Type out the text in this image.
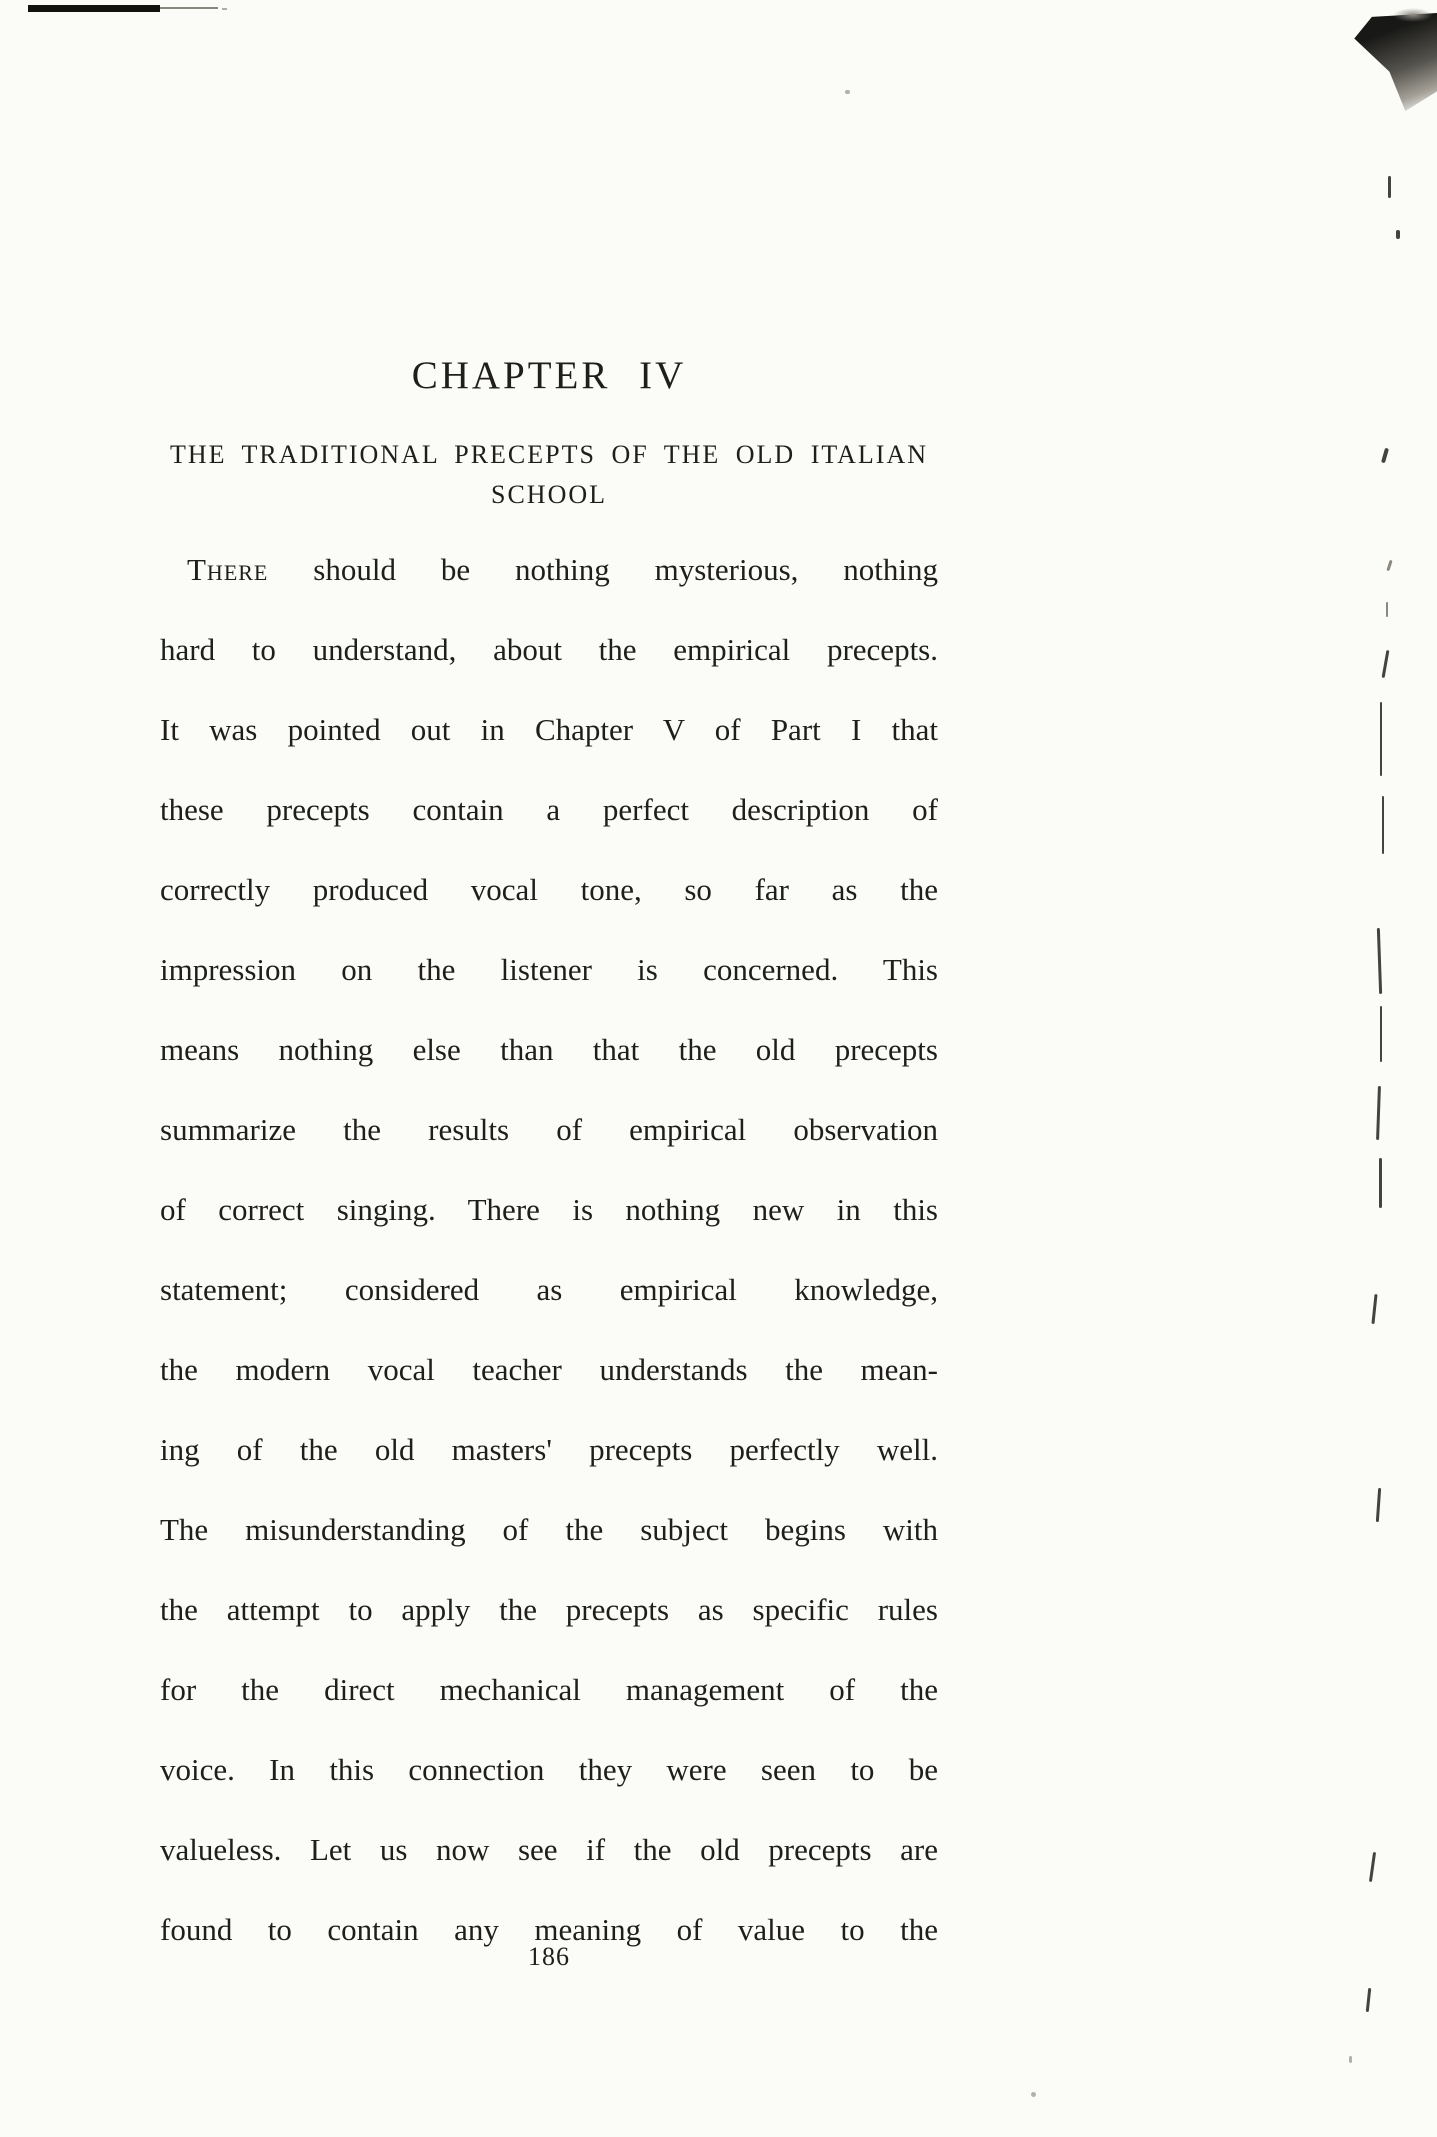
CHAPTER IV
THE TRADITIONAL PRECEPTS OF THE OLD ITALIAN
SCHOOL
There should be nothing mysterious, nothing
hard to understand, about the empirical precepts.
It was pointed out in Chapter V of Part I that
these precepts contain a perfect description of
correctly produced vocal tone, so far as the
impression on the listener is concerned. This
means nothing else than that the old precepts
summarize the results of empirical observation
of correct singing. There is nothing new in this
statement; considered as empirical knowledge,
the modern vocal teacher understands the mean-
ing of the old masters' precepts perfectly well.
The misunderstanding of the subject begins with
the attempt to apply the precepts as specific rules
for the direct mechanical management of the
voice. In this connection they were seen to be
valueless. Let us now see if the old precepts are
found to contain any meaning of value to the
186
